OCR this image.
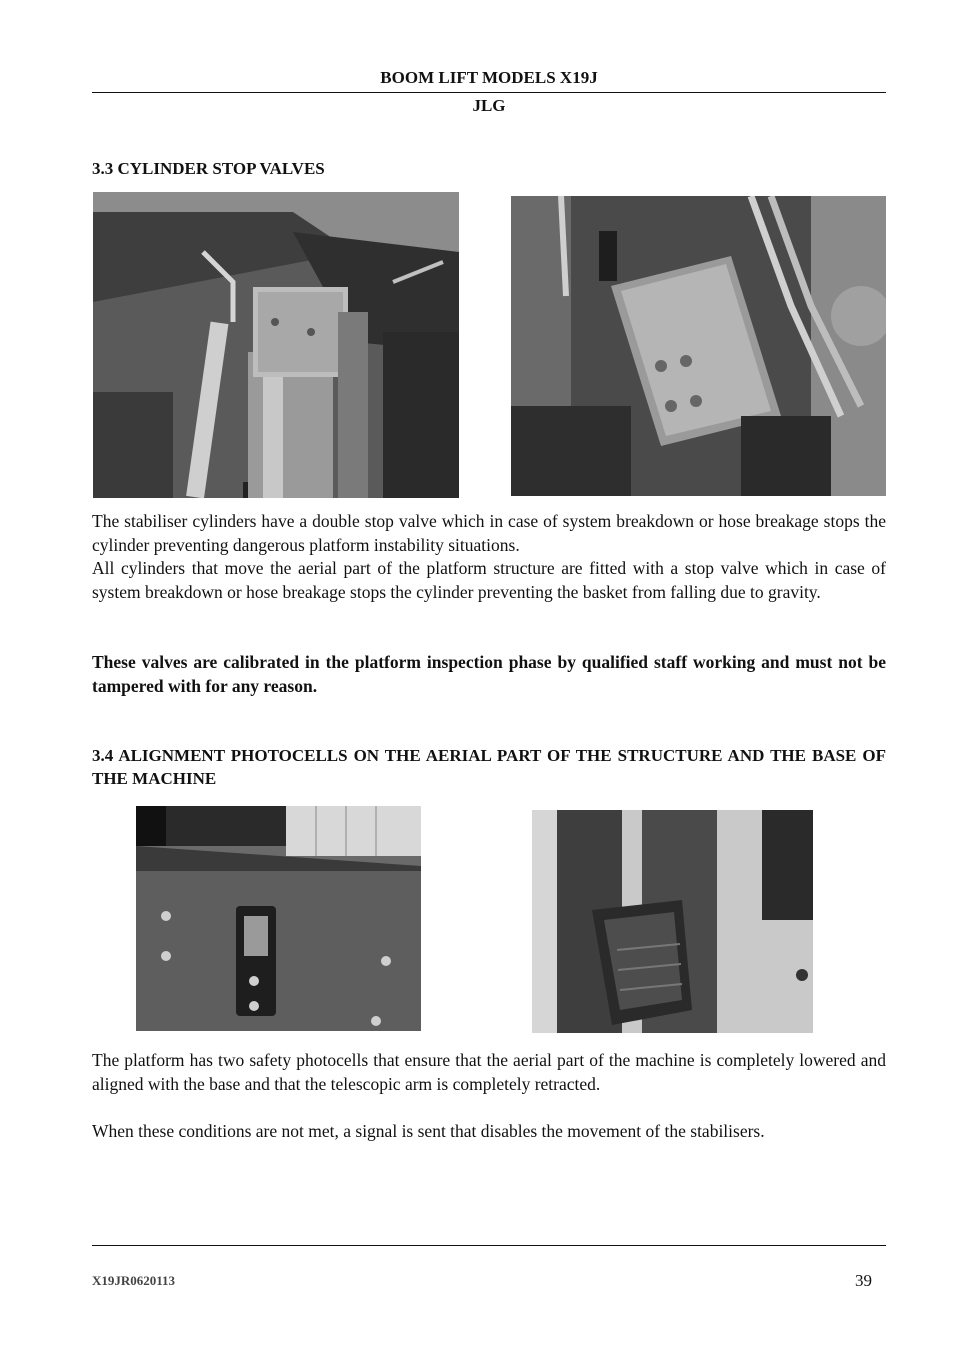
BOOM LIFT MODELS X19J
JLG
3.3 CYLINDER STOP VALVES

The stabiliser cylinders have a double stop valve which in case of system breakdown or hose breakage stops the cylinder preventing dangerous platform instability situations.

All cylinders that move the aerial part of the platform structure are fitted with a stop valve which in case of system breakdown or hose breakage stops the cylinder preventing the basket from falling due to gravity.

These valves are calibrated in the platform inspection phase by qualified staff working and must not be tampered with for any reason.

3.4 ALIGNMENT PHOTOCELLS ON THE AERIAL PART OF THE STRUCTURE AND THE BASE OF THE MACHINE

The platform has two safety photocells that ensure that the aerial part of the machine is completely lowered and aligned with the base and that the telescopic arm is completely retracted.

When these conditions are not met, a signal is sent that disables the movement of the stabilisers.

X19JR0620113	39
